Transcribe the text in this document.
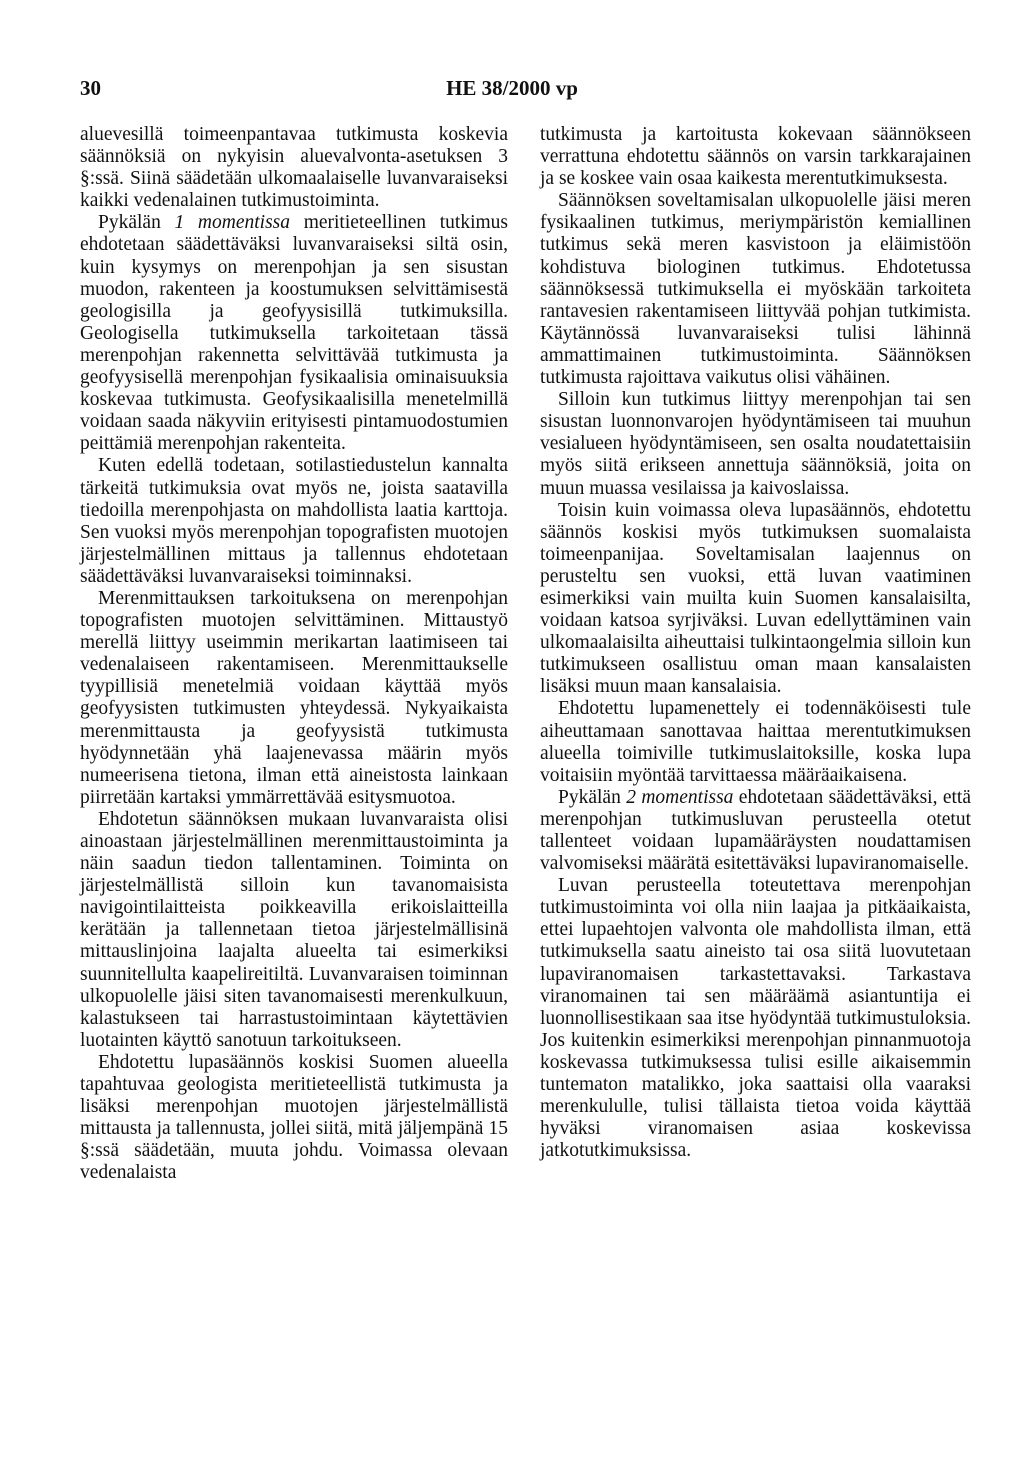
30	HE 38/2000 vp

aluevesillä toimeenpantavaa tutkimusta koskevia säännöksiä on nykyisin aluevalvonta-asetuksen 3 §:ssä. Siinä säädetään ulkomaalaiselle luvanvaraiseksi kaikki vedenalainen tutkimustoiminta.

Pykälän 1 momentissa meritieteellinen tutkimus ehdotetaan säädettäväksi luvanvaraiseksi siltä osin, kuin kysymys on merenpohjan ja sen sisustan muodon, rakenteen ja koostumuksen selvittämisestä geologisilla ja geofyysisillä tutkimuksilla. Geologisella tutkimuksella tarkoitetaan tässä merenpohjan rakennetta selvittävää tutkimusta ja geofyysisellä merenpohjan fysikaalisia ominaisuuksia koskevaa tutkimusta. Geofysikaalisilla menetelmillä voidaan saada näkyviin erityisesti pintamuodostumien peittämiä merenpohjan rakenteita.

Kuten edellä todetaan, sotilastiedustelun kannalta tärkeitä tutkimuksia ovat myös ne, joista saatavilla tiedoilla merenpohjasta on mahdollista laatia karttoja. Sen vuoksi myös merenpohjan topografisten muotojen järjestelmällinen mittaus ja tallennus ehdotetaan säädettäväksi luvanvaraiseksi toiminnaksi.

Merenmittauksen tarkoituksena on merenpohjan topografisten muotojen selvittäminen. Mittaustyö merellä liittyy useimmin merikartan laatimiseen tai vedenalaiseen rakentamiseen. Merenmittaukselle tyypillisiä menetelmiä voidaan käyttää myös geofyysisten tutkimusten yhteydessä. Nykyaikaista merenmittausta ja geofyysistä tutkimusta hyödynnetään yhä laajenevassa määrin myös numeerisena tietona, ilman että aineistosta lainkaan piirretään kartaksi ymmärrettävää esitysmuotoa.

Ehdotetun säännöksen mukaan luvanvaraista olisi ainoastaan järjestelmällinen merenmittaustoiminta ja näin saadun tiedon tallentaminen. Toiminta on järjestelmällistä silloin kun tavanomaisista navigointilaitteista poikkeavilla erikoislaitteilla kerätään ja tallennetaan tietoa järjestelmällisinä mittauslinjoina laajalta alueelta tai esimerkiksi suunnitellulta kaapelireitiltä. Luvanvaraisen toiminnan ulkopuolelle jäisi siten tavanomaisesti merenkulkuun, kalastukseen tai harrastustoimintaan käytettävien luotainten käyttö sanotuun tarkoitukseen.

Ehdotettu lupasäännös koskisi Suomen alueella tapahtuvaa geologista meritieteellistä tutkimusta ja lisäksi merenpohjan muotojen järjestelmällistä mittausta ja tallennusta, jollei siitä, mitä jäljempänä 15 §:ssä säädetään, muuta johdu. Voimassa olevaan vedenalaista

tutkimusta ja kartoitusta kokevaan säännökseen verrattuna ehdotettu säännös on varsin tarkkarajainen ja se koskee vain osaa kaikesta merentutkimuksesta.

Säännöksen soveltamisalan ulkopuolelle jäisi meren fysikaalinen tutkimus, meriympäristön kemiallinen tutkimus sekä meren kasvistoon ja eläimistöön kohdistuva biologinen tutkimus. Ehdotetussa säännöksessä tutkimuksella ei myöskään tarkoiteta rantavesien rakentamiseen liittyvää pohjan tutkimista. Käytännössä luvanvaraiseksi tulisi lähinnä ammattimainen tutkimustoiminta. Säännöksen tutkimusta rajoittava vaikutus olisi vähäinen.

Silloin kun tutkimus liittyy merenpohjan tai sen sisustan luonnonvarojen hyödyntämiseen tai muuhun vesialueen hyödyntämiseen, sen osalta noudatettaisiin myös siitä erikseen annettuja säännöksiä, joita on muun muassa vesilaissa ja kaivoslaissa.

Toisin kuin voimassa oleva lupasäännös, ehdotettu säännös koskisi myös tutkimuksen suomalaista toimeenpanijaa. Soveltamisalan laajennus on perusteltu sen vuoksi, että luvan vaatiminen esimerkiksi vain muilta kuin Suomen kansalaisilta, voidaan katsoa syrjiväksi. Luvan edellyttäminen vain ulkomaalaisilta aiheuttaisi tulkintaongelmia silloin kun tutkimukseen osallistuu oman maan kansalaisten lisäksi muun maan kansalaisia.

Ehdotettu lupamenettely ei todennäköisesti tule aiheuttamaan sanottavaa haittaa merentutkimuksen alueella toimiville tutkimuslaitoksille, koska lupa voitaisiin myöntää tarvittaessa määräaikaisena.

Pykälän 2 momentissa ehdotetaan säädettäväksi, että merenpohjan tutkimusluvan perusteella otetut tallenteet voidaan lupamääräysten noudattamisen valvomiseksi määrätä esitettäväksi lupaviranomaiselle.

Luvan perusteella toteutettava merenpohjan tutkimustoiminta voi olla niin laajaa ja pitkäaikaista, ettei lupaehtojen valvonta ole mahdollista ilman, että tutkimuksella saatu aineisto tai osa siitä luovutetaan lupaviranomaisen tarkastettavaksi. Tarkastava viranomainen tai sen määräämä asiantuntija ei luonnollisestikaan saa itse hyödyntää tutkimustuloksia. Jos kuitenkin esimerkiksi merenpohjan pinnanmuotoja koskevassa tutkimuksessa tulisi esille aikaisemmin tuntematon matalikko, joka saattaisi olla vaaraksi merenkululle, tulisi tällaista tietoa voida käyttää hyväksi viranomaisen asiaa koskevissa jatkotutkimuksissa.
